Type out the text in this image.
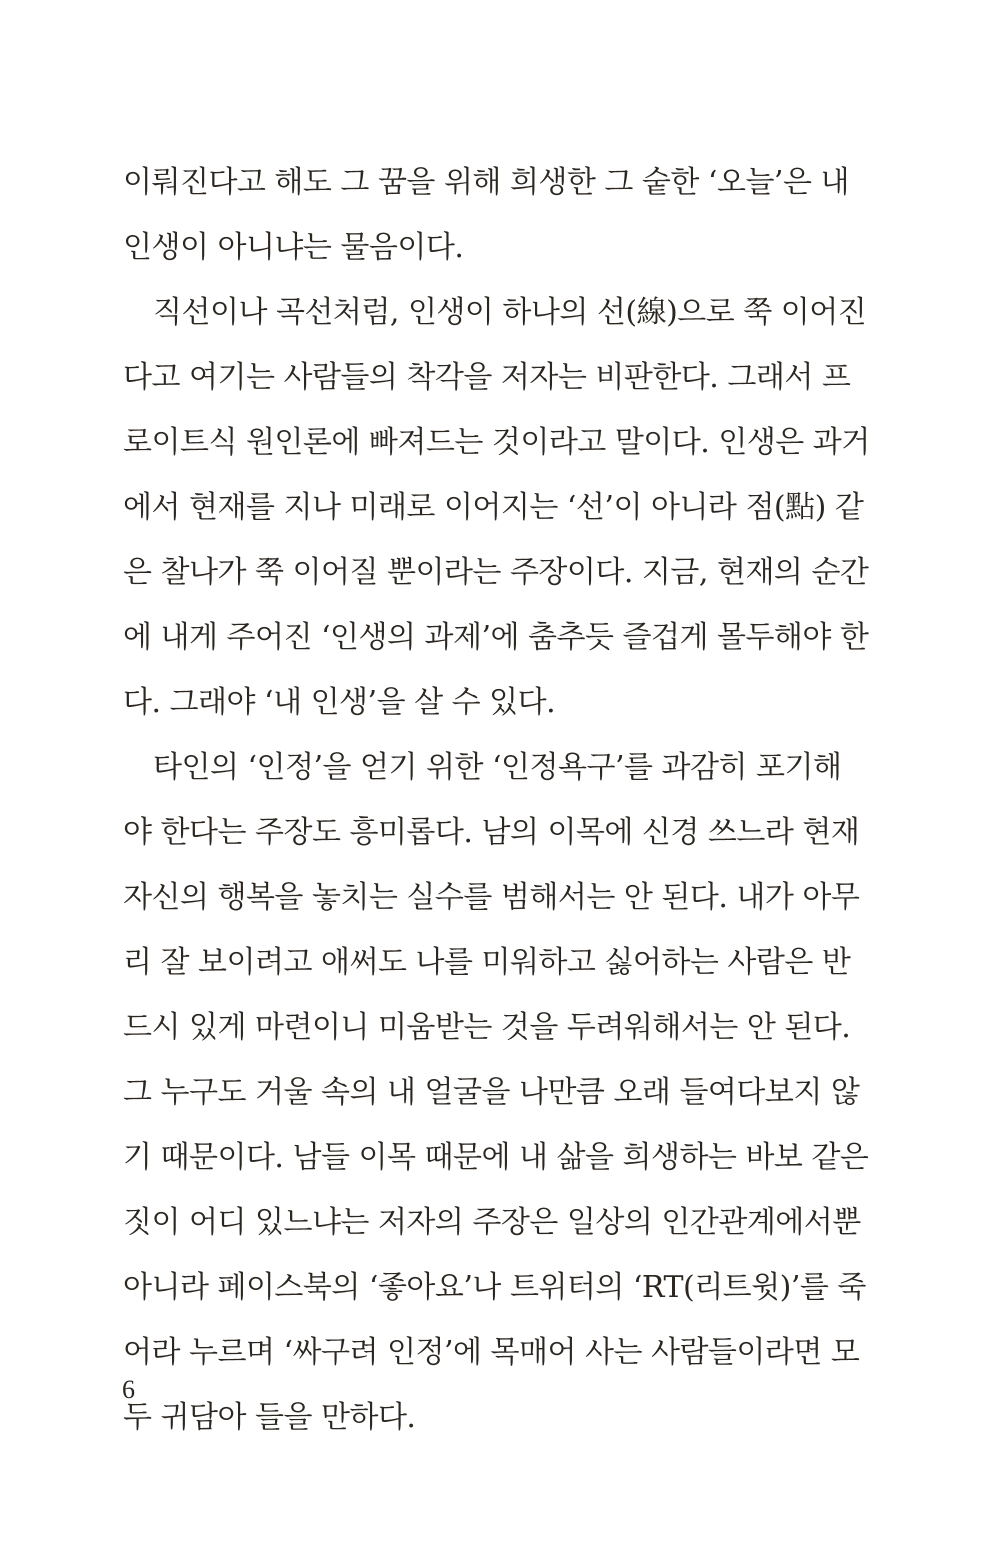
이뤄진다고 해도 그 꿈을 위해 희생한 그 숱한 ‘오늘’은 내
인생이 아니냐는 물음이다.
직선이나 곡선처럼, 인생이 하나의 선(線)으로 쭉 이어진
다고 여기는 사람들의 착각을 저자는 비판한다. 그래서 프
로이트식 원인론에 빠져드는 것이라고 말이다. 인생은 과거
에서 현재를 지나 미래로 이어지는 ‘선’이 아니라 점(點) 같
은 찰나가 쭉 이어질 뿐이라는 주장이다. 지금, 현재의 순간
에 내게 주어진 ‘인생의 과제’에 춤추듯 즐겁게 몰두해야 한
다. 그래야 ‘내 인생’을 살 수 있다.
타인의 ‘인정’을 얻기 위한 ‘인정욕구’를 과감히 포기해
야 한다는 주장도 흥미롭다. 남의 이목에 신경 쓰느라 현재
자신의 행복을 놓치는 실수를 범해서는 안 된다. 내가 아무
리 잘 보이려고 애써도 나를 미워하고 싫어하는 사람은 반
드시 있게 마련이니 미움받는 것을 두려워해서는 안 된다.
그 누구도 거울 속의 내 얼굴을 나만큼 오래 들여다보지 않
기 때문이다. 남들 이목 때문에 내 삶을 희생하는 바보 같은
짓이 어디 있느냐는 저자의 주장은 일상의 인간관계에서뿐
아니라 페이스북의 ‘좋아요’나 트위터의 ‘RT(리트윗)’를 죽
어라 누르며 ‘싸구려 인정’에 목매어 사는 사람들이라면 모
두 귀담아 들을 만하다.
6
